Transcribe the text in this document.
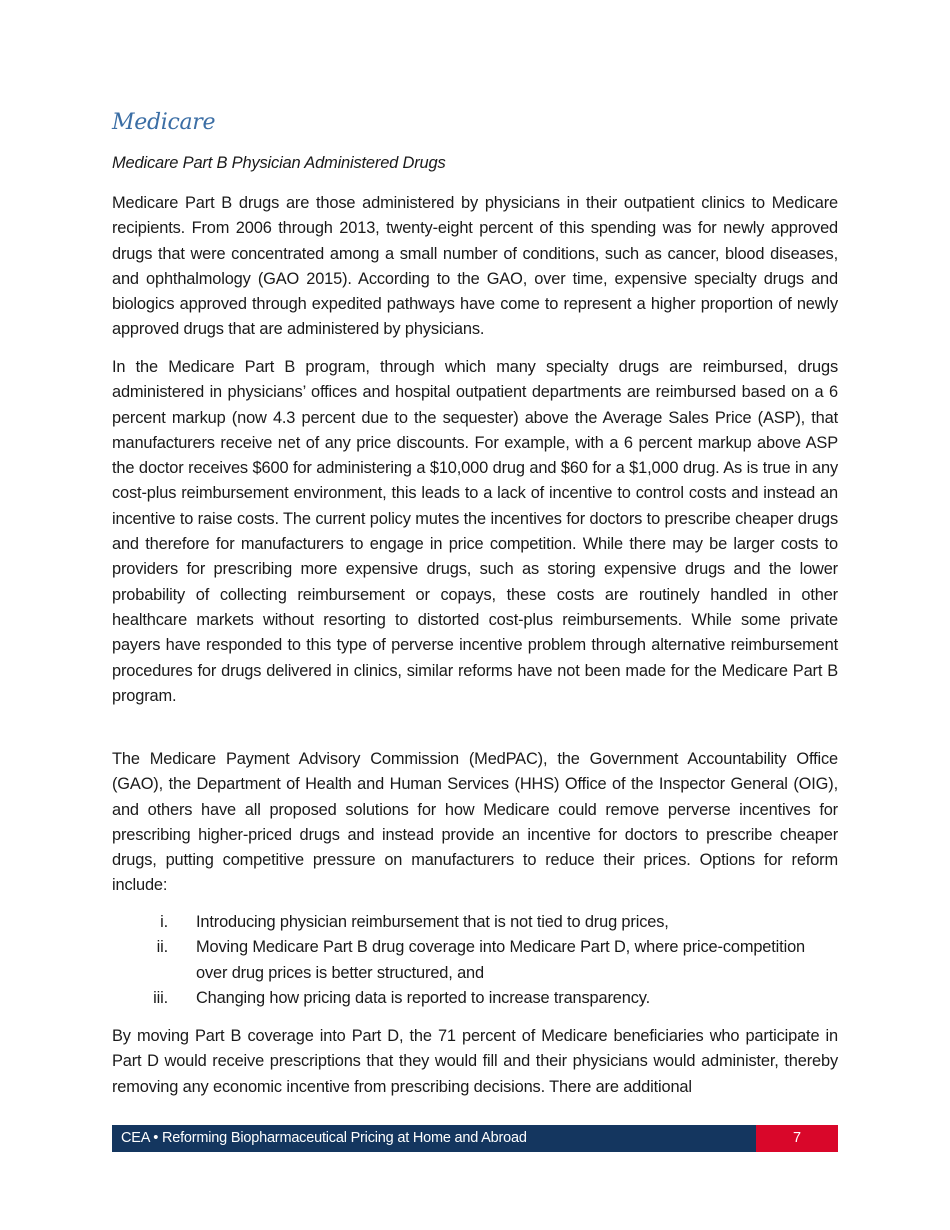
Medicare
Medicare Part B Physician Administered Drugs

Medicare Part B drugs are those administered by physicians in their outpatient clinics to Medicare recipients. From 2006 through 2013, twenty-eight percent of this spending was for newly approved drugs that were concentrated among a small number of conditions, such as cancer, blood diseases, and ophthalmology (GAO 2015). According to the GAO, over time, expensive specialty drugs and biologics approved through expedited pathways have come to represent a higher proportion of newly approved drugs that are administered by physicians.

In the Medicare Part B program, through which many specialty drugs are reimbursed, drugs administered in physicians’ offices and hospital outpatient departments are reimbursed based on a 6 percent markup (now 4.3 percent due to the sequester) above the Average Sales Price (ASP), that manufacturers receive net of any price discounts. For example, with a 6 percent markup above ASP the doctor receives $600 for administering a $10,000 drug and $60 for a $1,000 drug. As is true in any cost-plus reimbursement environment, this leads to a lack of incentive to control costs and instead an incentive to raise costs. The current policy mutes the incentives for doctors to prescribe cheaper drugs and therefore for manufacturers to engage in price competition. While there may be larger costs to providers for prescribing more expensive drugs, such as storing expensive drugs and the lower probability of collecting reimbursement or copays, these costs are routinely handled in other healthcare markets without resorting to distorted cost-plus reimbursements. While some private payers have responded to this type of perverse incentive problem through alternative reimbursement procedures for drugs delivered in clinics, similar reforms have not been made for the Medicare Part B program.

The Medicare Payment Advisory Commission (MedPAC), the Government Accountability Office (GAO), the Department of Health and Human Services (HHS) Office of the Inspector General (OIG), and others have all proposed solutions for how Medicare could remove perverse incentives for prescribing higher-priced drugs and instead provide an incentive for doctors to prescribe cheaper drugs, putting competitive pressure on manufacturers to reduce their prices. Options for reform include:

i.	Introducing physician reimbursement that is not tied to drug prices,
ii.	Moving Medicare Part B drug coverage into Medicare Part D, where price-competition over drug prices is better structured, and
iii.	Changing how pricing data is reported to increase transparency.

By moving Part B coverage into Part D, the 71 percent of Medicare beneficiaries who participate in Part D would receive prescriptions that they would fill and their physicians would administer, thereby removing any economic incentive from prescribing decisions. There are additional

CEA • Reforming Biopharmaceutical Pricing at Home and Abroad	7
